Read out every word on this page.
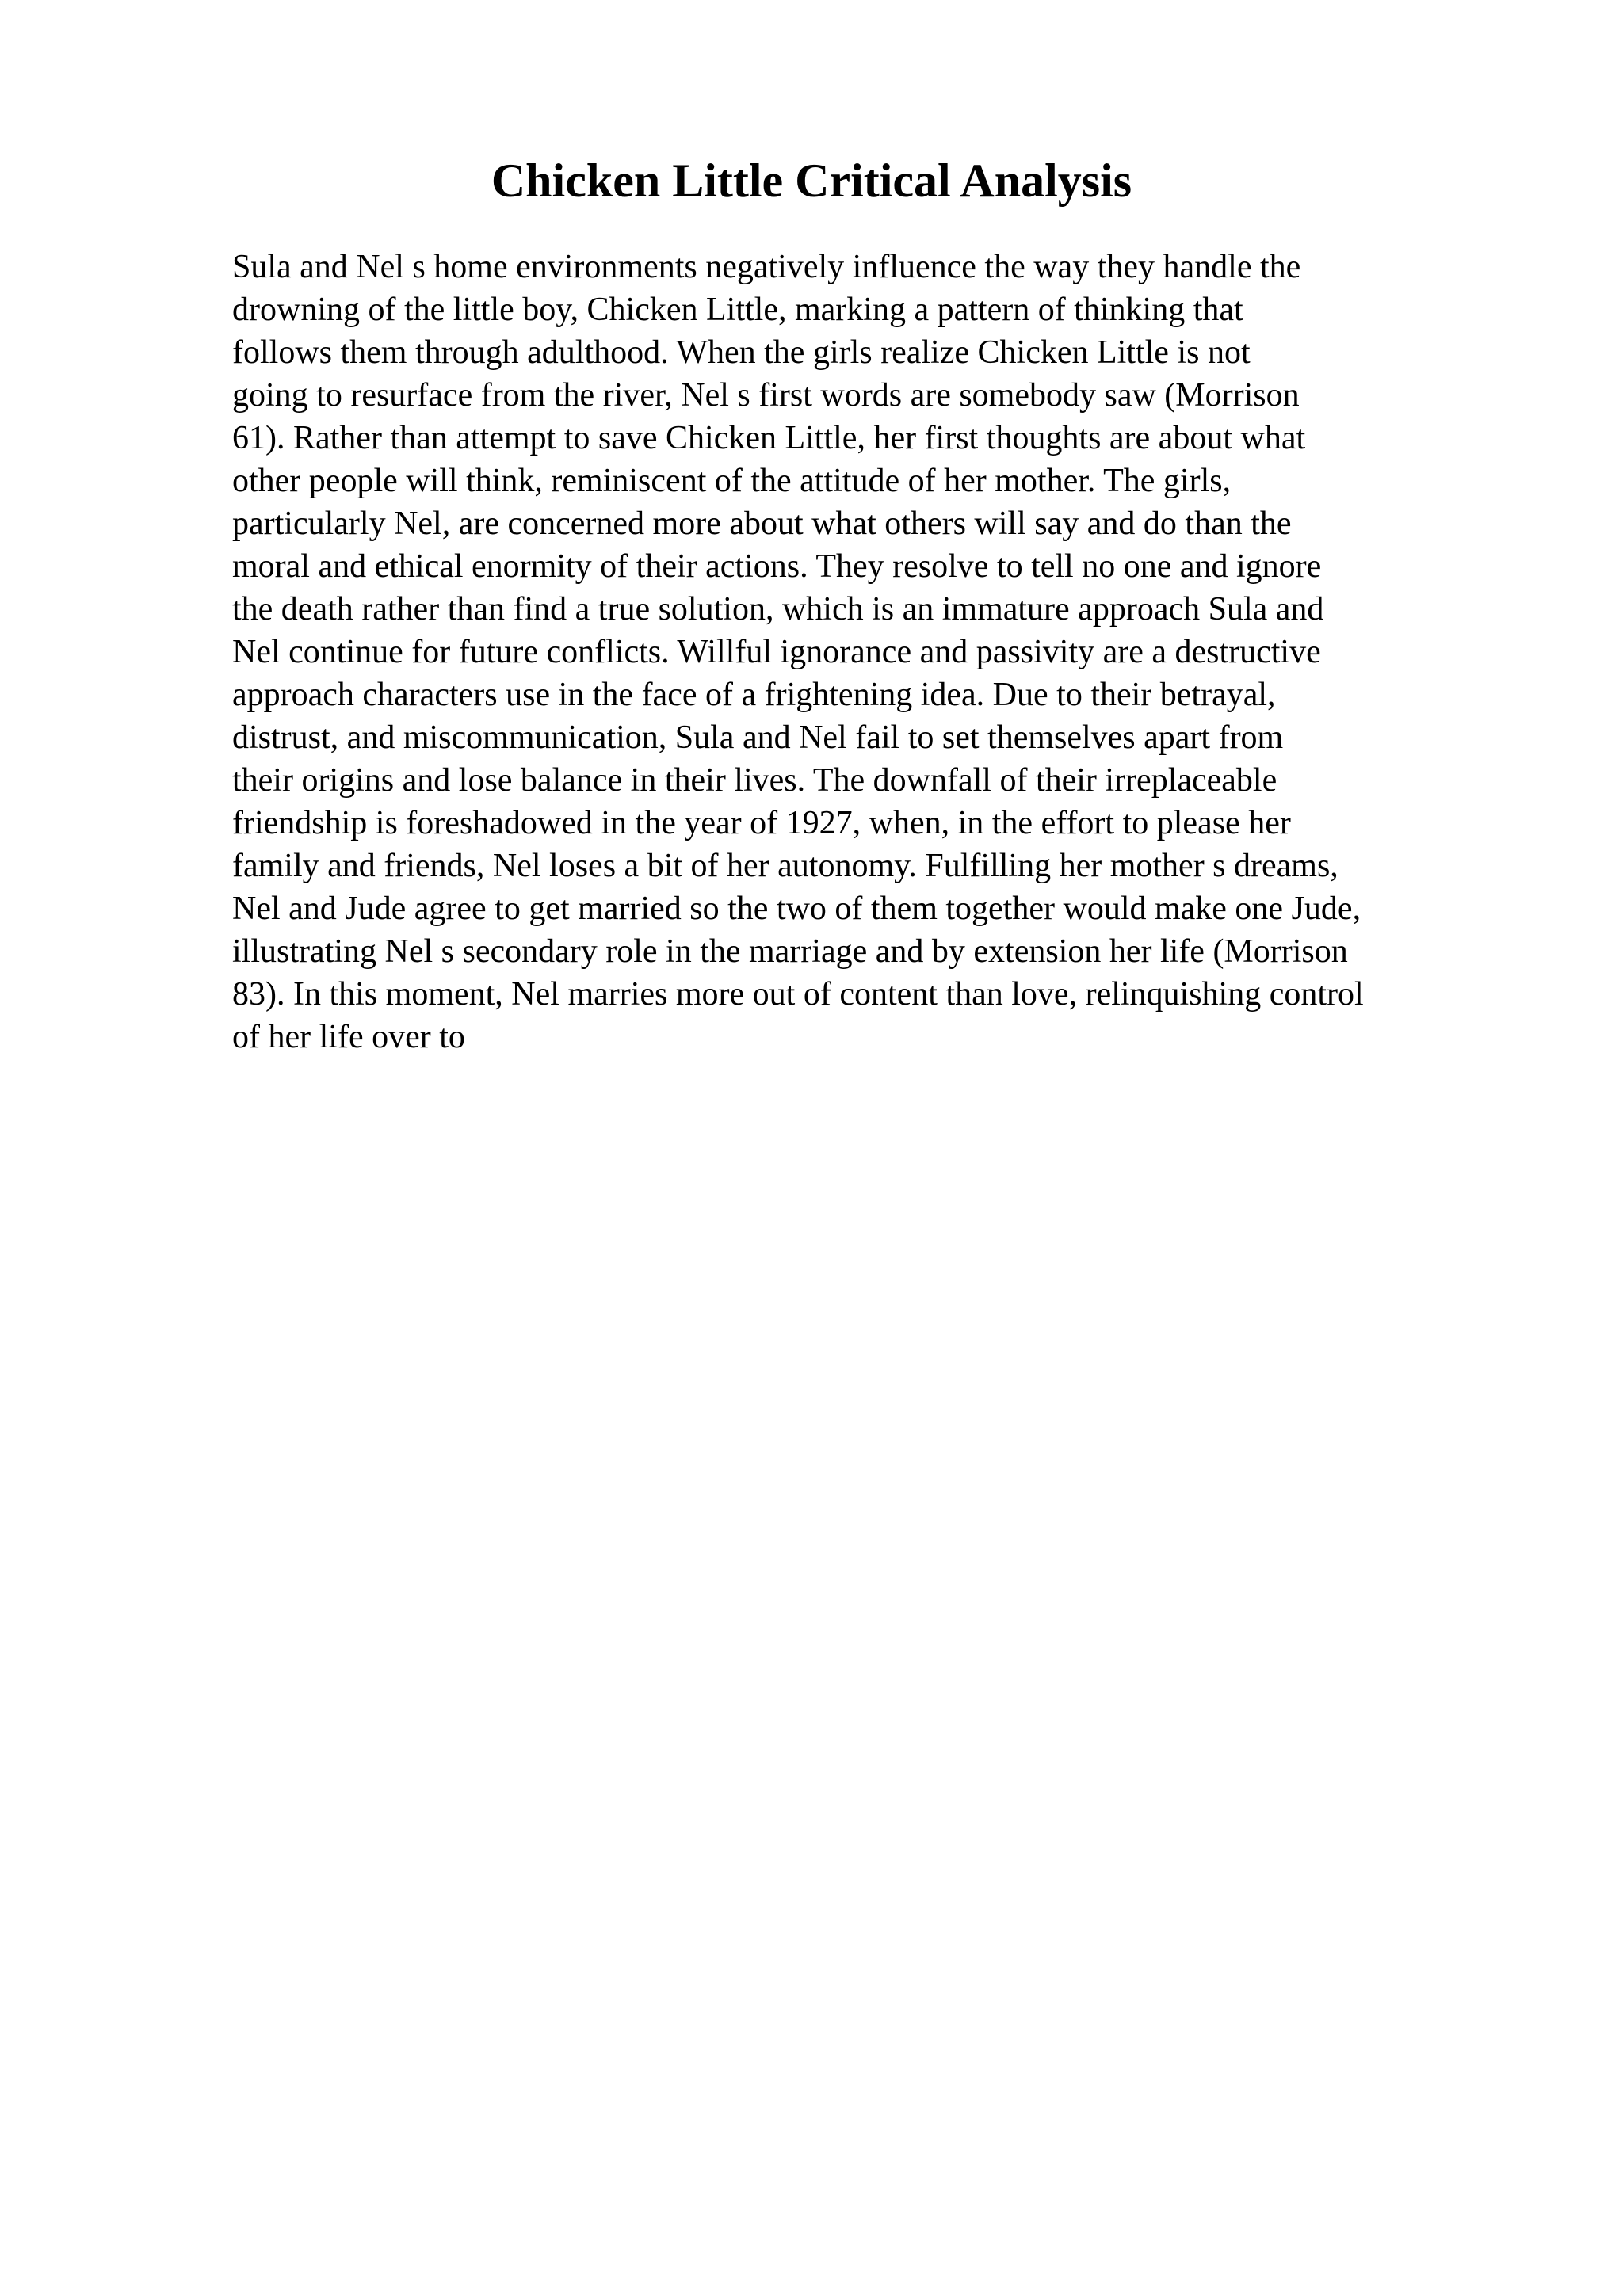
Chicken Little Critical Analysis
Sula and Nel s home environments negatively influence the way they handle the
drowning of the little boy, Chicken Little, marking a pattern of thinking that
follows them through adulthood. When the girls realize Chicken Little is not
going to resurface from the river, Nel s first words are somebody saw (Morrison
61). Rather than attempt to save Chicken Little, her first thoughts are about what
other people will think, reminiscent of the attitude of her mother. The girls,
particularly Nel, are concerned more about what others will say and do than the
moral and ethical enormity of their actions. They resolve to tell no one and ignore
the death rather than find a true solution, which is an immature approach Sula and
Nel continue for future conflicts. Willful ignorance and passivity are a destructive
approach characters use in the face of a frightening idea. Due to their betrayal,
distrust, and miscommunication, Sula and Nel fail to set themselves apart from
their origins and lose balance in their lives. The downfall of their irreplaceable
friendship is foreshadowed in the year of 1927, when, in the effort to please her
family and friends, Nel loses a bit of her autonomy. Fulfilling her mother s dreams,
Nel and Jude agree to get married so the two of them together would make one Jude,
illustrating Nel s secondary role in the marriage and by extension her life (Morrison
83). In this moment, Nel marries more out of content than love, relinquishing control
of her life over to
